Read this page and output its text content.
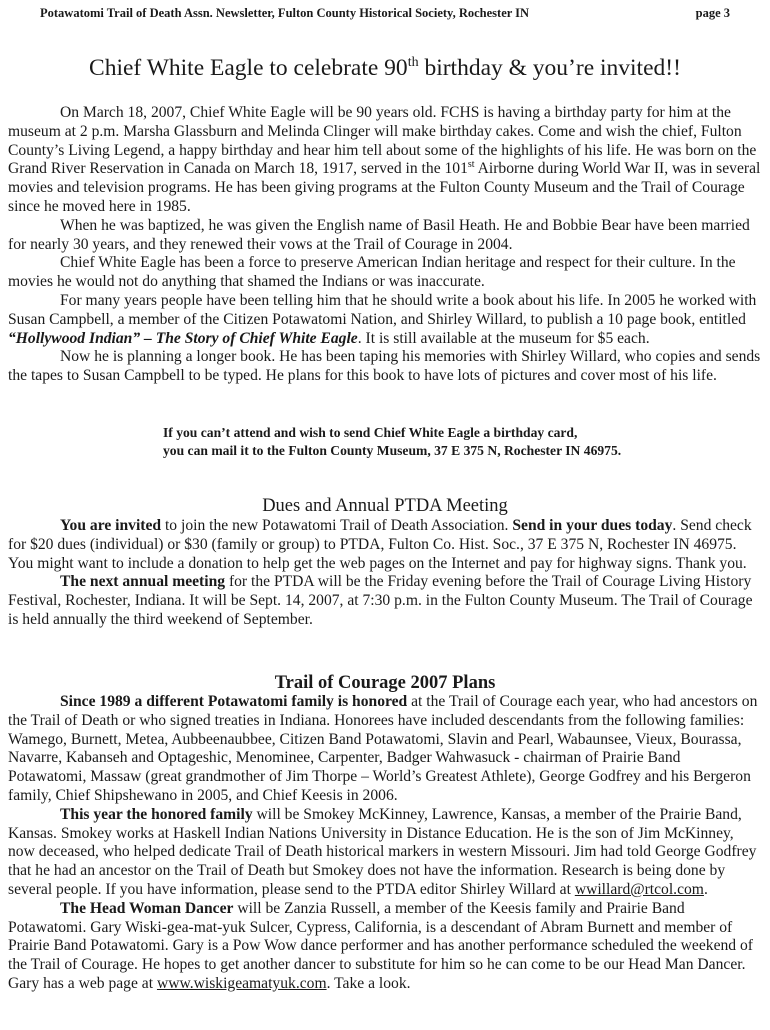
Potawatomi Trail of Death Assn. Newsletter, Fulton County Historical Society, Rochester IN	page 3
Chief White Eagle to celebrate 90th birthday & you’re invited!!

On March 18, 2007, Chief White Eagle will be 90 years old. FCHS is having a birthday party for him at the museum at 2 p.m. Marsha Glassburn and Melinda Clinger will make birthday cakes. Come and wish the chief, Fulton County’s Living Legend, a happy birthday and hear him tell about some of the highlights of his life. He was born on the Grand River Reservation in Canada on March 18, 1917, served in the 101st Airborne during World War II, was in several movies and television programs. He has been giving programs at the Fulton County Museum and the Trail of Courage since he moved here in 1985.

When he was baptized, he was given the English name of Basil Heath. He and Bobbie Bear have been married for nearly 30 years, and they renewed their vows at the Trail of Courage in 2004.

Chief White Eagle has been a force to preserve American Indian heritage and respect for their culture. In the movies he would not do anything that shamed the Indians or was inaccurate.

For many years people have been telling him that he should write a book about his life. In 2005 he worked with Susan Campbell, a member of the Citizen Potawatomi Nation, and Shirley Willard, to publish a 10 page book, entitled “Hollywood Indian” – The Story of Chief White Eagle. It is still available at the museum for $5 each.

Now he is planning a longer book. He has been taping his memories with Shirley Willard, who copies and sends the tapes to Susan Campbell to be typed. He plans for this book to have lots of pictures and cover most of his life.

If you can’t attend and wish to send Chief White Eagle a birthday card,
you can mail it to the Fulton County Museum, 37 E 375 N, Rochester IN 46975.
Dues and Annual PTDA Meeting

You are invited to join the new Potawatomi Trail of Death Association. Send in your dues today. Send check for $20 dues (individual) or $30 (family or group) to PTDA, Fulton Co. Hist. Soc., 37 E 375 N, Rochester IN 46975. You might want to include a donation to help get the web pages on the Internet and pay for highway signs. Thank you.

The next annual meeting for the PTDA will be the Friday evening before the Trail of Courage Living History Festival, Rochester, Indiana. It will be Sept. 14, 2007, at 7:30 p.m. in the Fulton County Museum. The Trail of Courage is held annually the third weekend of September.

Trail of Courage 2007 Plans

Since 1989 a different Potawatomi family is honored at the Trail of Courage each year, who had ancestors on the Trail of Death or who signed treaties in Indiana. Honorees have included descendants from the following families: Wamego, Burnett, Metea, Aubbeenaubbee, Citizen Band Potawatomi, Slavin and Pearl, Wabaunsee, Vieux, Bourassa, Navarre, Kabanseh and Optageshic, Menominee, Carpenter, Badger Wahwasuck - chairman of Prairie Band Potawatomi, Massaw (great grandmother of Jim Thorpe – World’s Greatest Athlete), George Godfrey and his Bergeron family, Chief Shipshewano in 2005, and Chief Keesis in 2006.

This year the honored family will be Smokey McKinney, Lawrence, Kansas, a member of the Prairie Band, Kansas. Smokey works at Haskell Indian Nations University in Distance Education. He is the son of Jim McKinney, now deceased, who helped dedicate Trail of Death historical markers in western Missouri. Jim had told George Godfrey that he had an ancestor on the Trail of Death but Smokey does not have the information. Research is being done by several people. If you have information, please send to the PTDA editor Shirley Willard at wwillard@rtcol.com.

The Head Woman Dancer will be Zanzia Russell, a member of the Keesis family and Prairie Band Potawatomi. Gary Wiski-gea-mat-yuk Sulcer, Cypress, California, is a descendant of Abram Burnett and member of Prairie Band Potawatomi. Gary is a Pow Wow dance performer and has another performance scheduled the weekend of the Trail of Courage. He hopes to get another dancer to substitute for him so he can come to be our Head Man Dancer. Gary has a web page at www.wiskigeamatyuk.com. Take a look.
